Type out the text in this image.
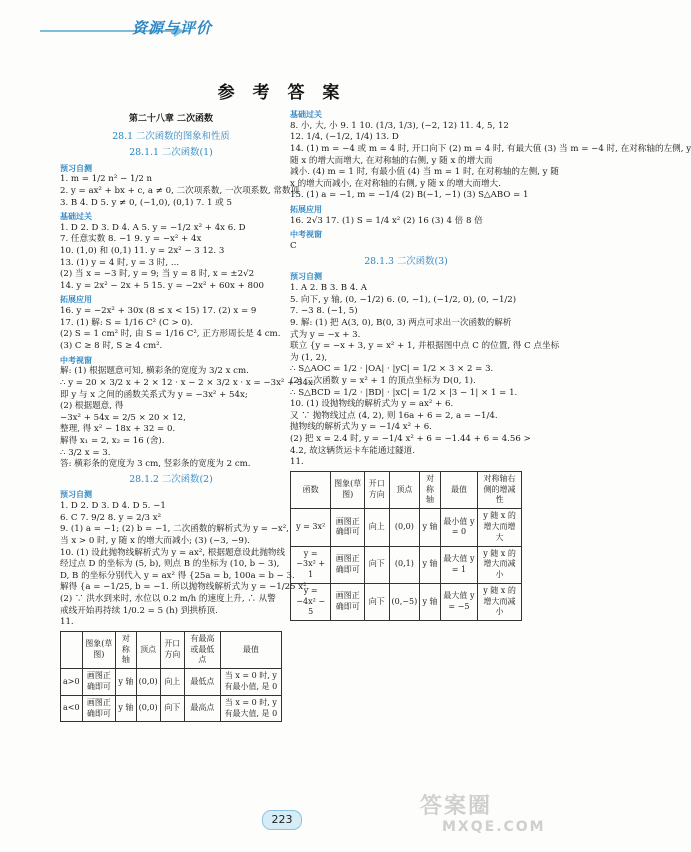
资源与评价
参 考 答 案
第二十八章 二次函数
28.1 二次函数的图象和性质
28.1.1 二次函数(1)
预习自测
1. m = 1/2 n² − 1/2 n
2. y = ax² + bx + c, a ≠ 0, 二次项系数, 一次项系数, 常数项
3. B 4. D 5. y ≠ 0, (−1,0), (0,1) 7. 1 或 5
基础过关
1. D 2. D 3. D 4. A 5. y = −1/2 x² + 4x 6. D
7. 任意实数 8. −1 9. y = −x² + 4x
10. (1,0) 和 (0,1) 11. y = 2x² − 3 12. 3
13. (1) y = 4 时, y = 3 时, ...
(2) 当 x = −3 时, y = 9; 当 y = 8 时, x = ±2√2
14. y = 2x² − 2x + 5 15. y = −2x² + 60x + 800
拓展应用
16. y = −2x² + 30x (8 ≤ x < 15) 17. (2) x = 9
17. (1) 解: S = 1/16 C² (C > 0).
(2) S = 1 cm² 时, 由 S = 1/16 C², 正方形周长是 4 cm.
(3) C ≥ 8 时, S ≥ 4 cm².
中考视窗
解: (1) 根据题意可知, 横彩条的宽度为 3/2 x cm.
∴ y = 20 × 3/2 x + 2 × 12 · x − 2 × 3/2 x · x = −3x² + 54x.
即 y 与 x 之间的函数关系式为 y = −3x² + 54x;
(2) 根据题意, 得
−3x² + 54x = 2/5 × 20 × 12,
整理, 得 x² − 18x + 32 = 0.
解得 x₁ = 2, x₂ = 16 (舍).
∴ 3/2 x = 3.
答: 横彩条的宽度为 3 cm, 竖彩条的宽度为 2 cm.
28.1.2 二次函数(2)
预习自测
1. D 2. D 3. D 4. D 5. −1
6. C 7. 9/2 8. y = 2/3 x²
9. (1) a = −1; (2) b = −1, 二次函数的解析式为 y = −x²,
当 x > 0 时, y 随 x 的增大而减小; (3) (−3, −9).
10. (1) 设此抛物线解析式为 y = ax², 根据题意设此抛物线
经过点 D 的坐标为 (5, b), 则点 B 的坐标为 (10, b − 3),
D, B 的坐标分别代入 y = ax² 得 {25a = b, 100a = b − 3.
解得 {a = −1/25, b = −1. 所以抛物线解析式为 y = −1/25 x².
(2) ∵ 洪水到来时, 水位以 0.2 m/h 的速度上升, ∴ 从警
戒线开始再持续 1/0.2 = 5 (h) 到拱桥顶.
11.
	图象(草图)	对称轴	顶点	开口方向	有最高或最低点	最值
a>0	画图正确即可	y 轴	(0,0)	向上	最低点	当 x = 0 时, y 有最小值, 是 0
a<0	画图正确即可	y 轴	(0,0)	向下	最高点	当 x = 0 时, y 有最大值, 是 0
基础过关
8. 小, 大, 小 9. 1 10. (1/3, 1/3), (−2, 12) 11. 4, 5, 12
12. 1/4, (−1/2, 1/4) 13. D
14. (1) m = −4 或 m = 4 时, 开口向下 (2) m = 4 时, 有最大值 (3) 当 m = −4 时, 在对称轴的左侧, y
随 x 的增大而增大, 在对称轴的右侧, y 随 x 的增大而
减小. (4) m = 1 时, 有最小值 (4) 当 m = 1 时, 在对称轴的左侧, y 随
x 的增大而减小, 在对称轴的右侧, y 随 x 的增大而增大.
15. (1) a = −1, m = −1/4 (2) B(−1, −1) (3) S△ABO = 1
拓展应用
16. 2√3 17. (1) S = 1/4 x² (2) 16 (3) 4 倍 8 倍
中考视窗
C
28.1.3 二次函数(3)
预习自测
1. A 2. B 3. B 4. A
5. 向下, y 轴, (0, −1/2) 6. (0, −1), (−1/2, 0), (0, −1/2)
7. −3 8. (−1, 5)
9. 解: (1) 把 A(3, 0), B(0, 3) 两点可求出一次函数的解析
式为 y = −x + 3.
联立 {y = −x + 3, y = x² + 1, 并根据图中点 C 的位置, 得 C 点坐标
为 (1, 2),
∴ S△AOC = 1/2 · |OA| · |yC| = 1/2 × 3 × 2 = 3.
(2) 二次函数 y = x² + 1 的顶点坐标为 D(0, 1).
∴ S△BCD = 1/2 · |BD| · |xC| = 1/2 × |3 − 1| × 1 = 1.
10. (1) 设抛物线的解析式为 y = ax² + 6.
又 ∵ 抛物线过点 (4, 2), 则 16a + 6 = 2, a = −1/4.
抛物线的解析式为 y = −1/4 x² + 6.
(2) 把 x = 2.4 时, y = −1/4 x² + 6 = −1.44 + 6 = 4.56 >
4.2, 故这辆货运卡车能通过隧道.
11.
函数	图象(草图)	开口方向	顶点	对称轴	最值	对称轴右侧的增减性
y = 3x²	画图正确即可	向上	(0,0)	y 轴	最小值 y = 0	y 随 x 的增大而增大
y = −3x² + 1	画图正确即可	向下	(0,1)	y 轴	最大值 y = 1	y 随 x 的增大而减小
y = −4x² − 5	画图正确即可	向下	(0,−5)	y 轴	最大值 y = −5	y 随 x 的增大而减小
223
答案圈
MXQE.COM
